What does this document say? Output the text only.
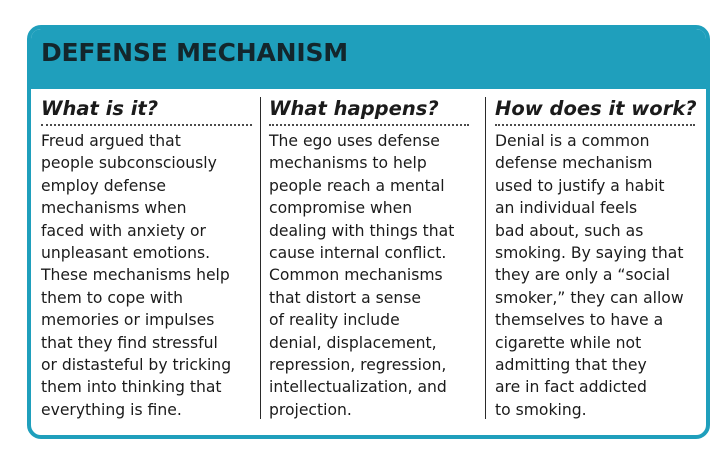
DEFENSE MECHANISM
What is it?
Freud argued that
people subconsciously
employ defense
mechanisms when
faced with anxiety or
unpleasant emotions.
These mechanisms help
them to cope with
memories or impulses
that they find stressful
or distasteful by tricking
them into thinking that
everything is fine.
What happens?
The ego uses defense
mechanisms to help
people reach a mental
compromise when
dealing with things that
cause internal conflict.
Common mechanisms
that distort a sense
of reality include
denial, displacement,
repression, regression,
intellectualization, and
projection.
How does it work?
Denial is a common
defense mechanism
used to justify a habit
an individual feels
bad about, such as
smoking. By saying that
they are only a “social
smoker,” they can allow
themselves to have a
cigarette while not
admitting that they
are in fact addicted
to smoking.
